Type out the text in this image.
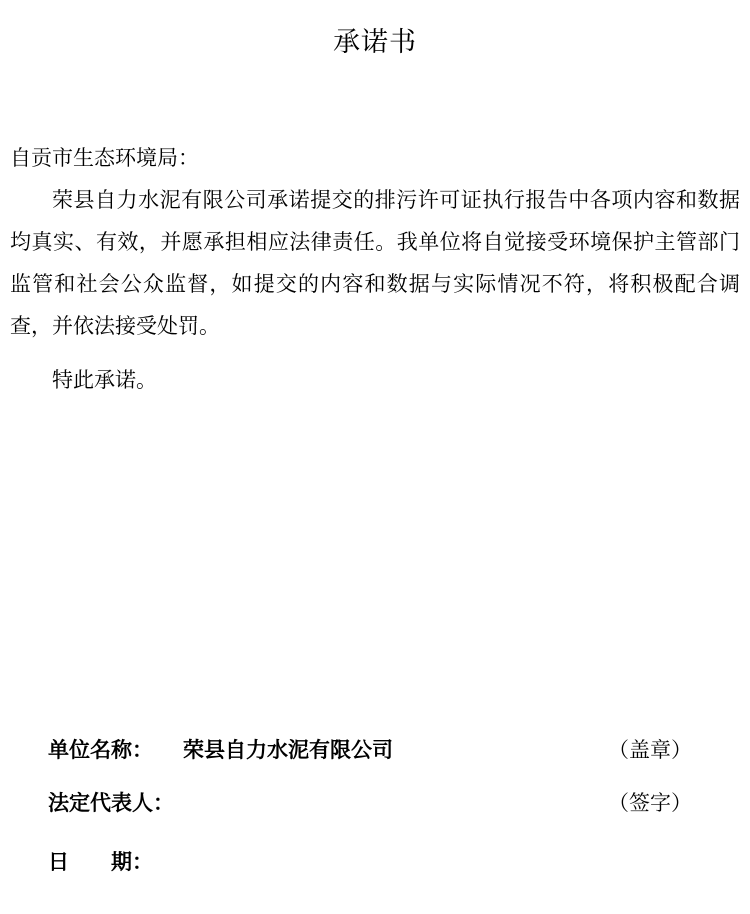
承诺书
自贡市生态环境局：

荣县自力水泥有限公司承诺提交的排污许可证执行报告中各项内容和数据均真实、有效，并愿承担相应法律责任。我单位将自觉接受环境保护主管部门监管和社会公众监督，如提交的内容和数据与实际情况不符，将积极配合调查，并依法接受处罚。

特此承诺。

单位名称： 荣县自力水泥有限公司	（盖章）
法定代表人：	（签字）
日　　期：
